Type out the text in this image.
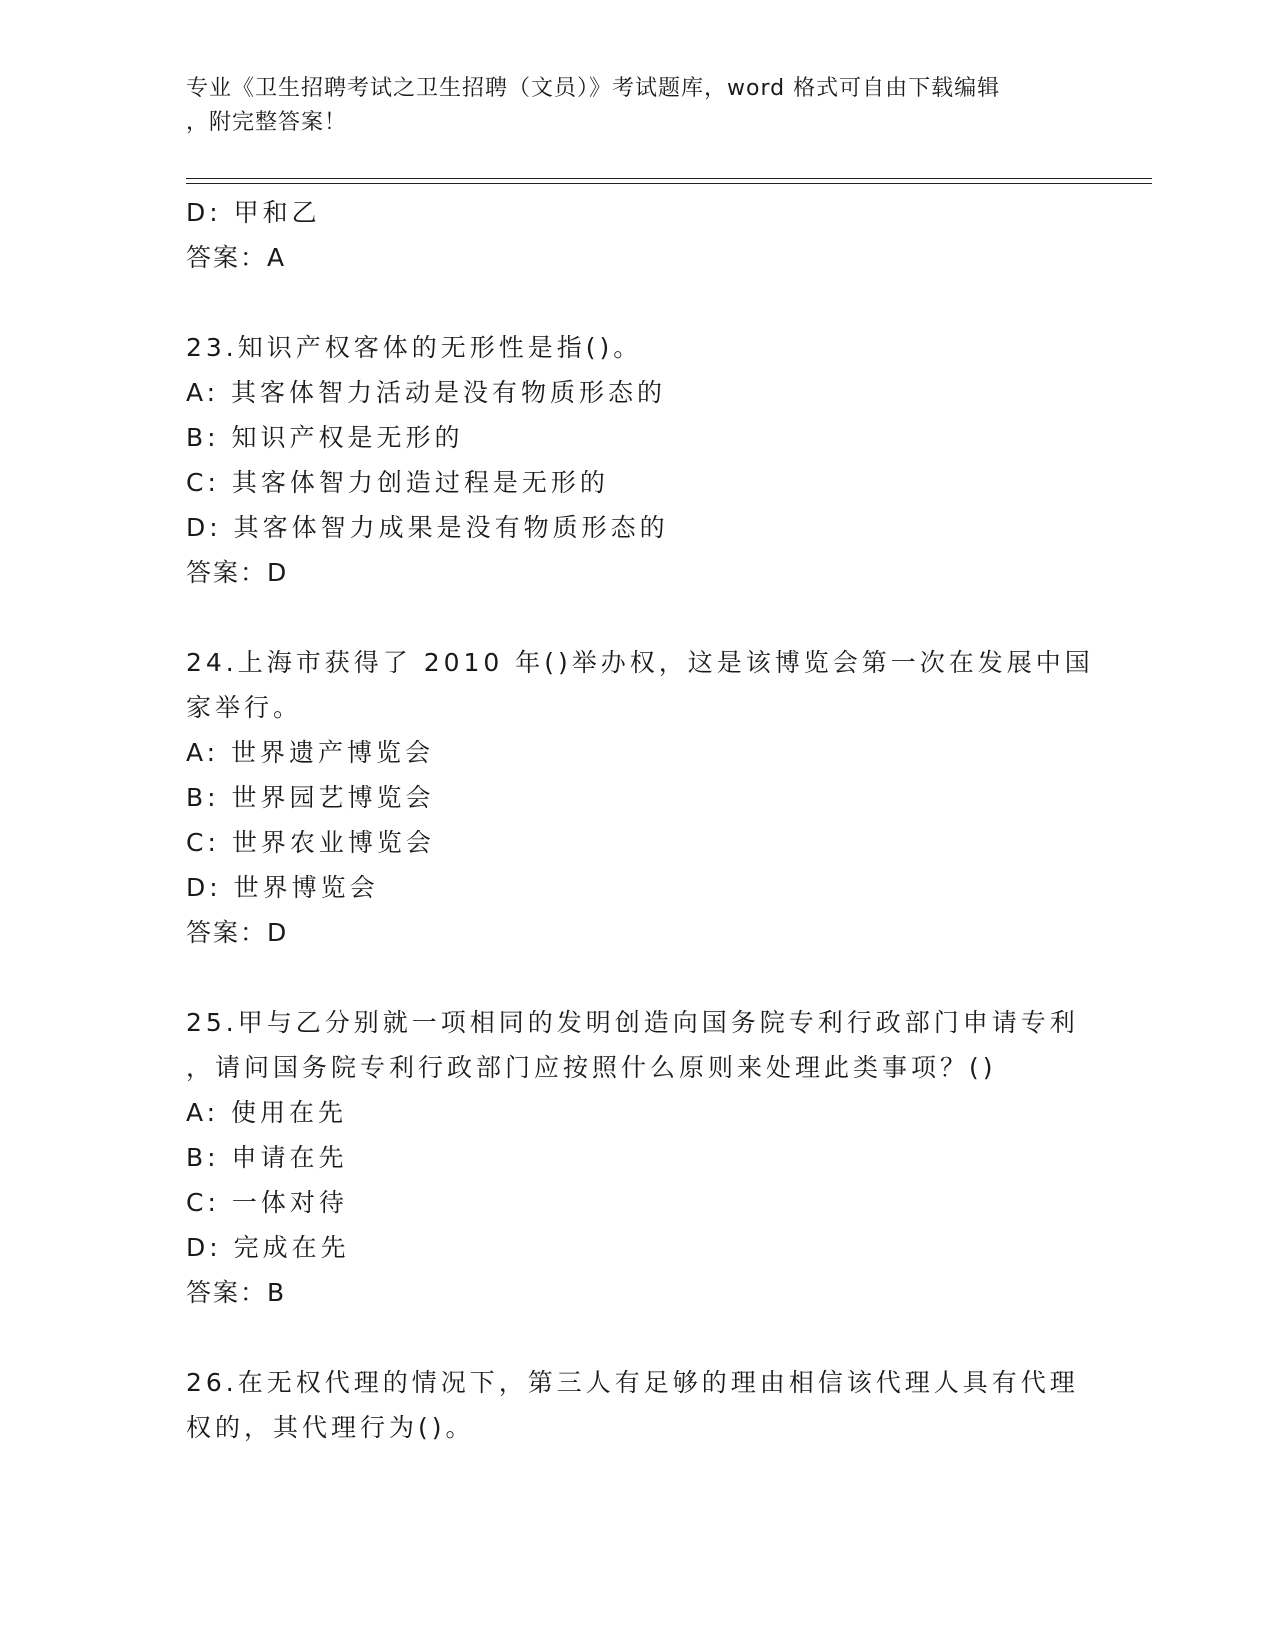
专业《卫生招聘考试之卫生招聘（文员）》考试题库，word 格式可自由下载编辑
，附完整答案！
D: 甲和乙
答案：A
23.知识产权客体的无形性是指()。
A: 其客体智力活动是没有物质形态的
B: 知识产权是无形的
C: 其客体智力创造过程是无形的
D: 其客体智力成果是没有物质形态的
答案：D
24.上海市获得了 2010 年()举办权，这是该博览会第一次在发展中国
家举行。
A: 世界遗产博览会
B: 世界园艺博览会
C: 世界农业博览会
D: 世界博览会
答案：D
25.甲与乙分别就一项相同的发明创造向国务院专利行政部门申请专利
，请问国务院专利行政部门应按照什么原则来处理此类事项？()
A: 使用在先
B: 申请在先
C: 一体对待
D: 完成在先
答案：B
26.在无权代理的情况下，第三人有足够的理由相信该代理人具有代理
权的，其代理行为()。
